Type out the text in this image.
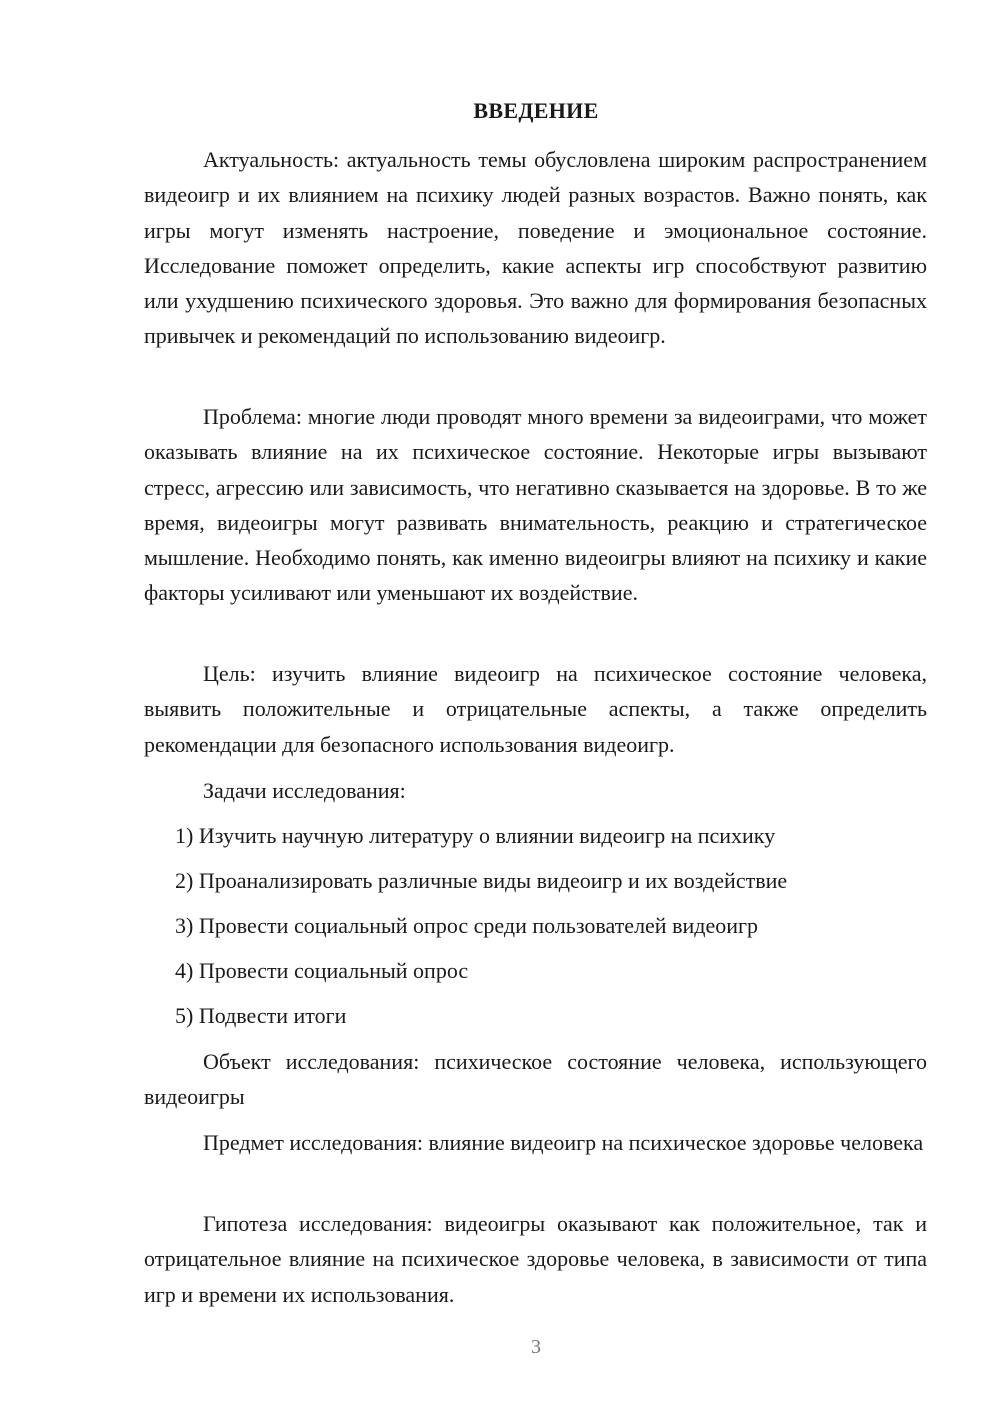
ВВЕДЕНИЕ

Актуальность: актуальность темы обусловлена широким распространением видеоигр и их влиянием на психику людей разных возрастов. Важно понять, как игры могут изменять настроение, поведение и эмоциональное состояние. Исследование поможет определить, какие аспекты игр способствуют развитию или ухудшению психического здоровья. Это важно для формирования безопасных привычек и рекомендаций по использованию видеоигр.

Проблема: многие люди проводят много времени за видеоиграми, что может оказывать влияние на их психическое состояние. Некоторые игры вызывают стресс, агрессию или зависимость, что негативно сказывается на здоровье. В то же время, видеоигры могут развивать внимательность, реакцию и стратегическое мышление. Необходимо понять, как именно видеоигры влияют на психику и какие факторы усиливают или уменьшают их воздействие.

Цель: изучить влияние видеоигр на психическое состояние человека, выявить положительные и отрицательные аспекты, а также определить рекомендации для безопасного использования видеоигр.

Задачи исследования:

1) Изучить научную литературу о влиянии видеоигр на психику

2) Проанализировать различные виды видеоигр и их воздействие

3) Провести социальный опрос среди пользователей видеоигр

4) Провести социальный опрос

5) Подвести итоги

Объект исследования: психическое состояние человека, использующего видеоигры

Предмет исследования: влияние видеоигр на психическое здоровье человека

Гипотеза исследования: видеоигры оказывают как положительное, так и отрицательное влияние на психическое здоровье человека, в зависимости от типа игр и времени их использования.

3
